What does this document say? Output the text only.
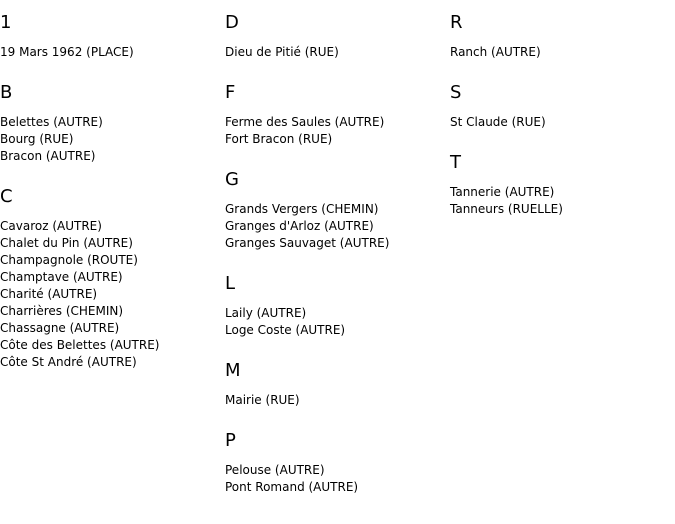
1
19 Mars 1962 (PLACE)
B
Belettes (AUTRE)
Bourg (RUE)
Bracon (AUTRE)
C
Cavaroz (AUTRE)
Chalet du Pin (AUTRE)
Champagnole (ROUTE)
Champtave (AUTRE)
Charité (AUTRE)
Charrières (CHEMIN)
Chassagne (AUTRE)
Côte des Belettes (AUTRE)
Côte St André (AUTRE)
D
Dieu de Pitié (RUE)
F
Ferme des Saules (AUTRE)
Fort Bracon (RUE)
G
Grands Vergers (CHEMIN)
Granges d'Arloz (AUTRE)
Granges Sauvaget (AUTRE)
L
Laily (AUTRE)
Loge Coste (AUTRE)
M
Mairie (RUE)
P
Pelouse (AUTRE)
Pont Romand (AUTRE)
R
Ranch (AUTRE)
S
St Claude (RUE)
T
Tannerie (AUTRE)
Tanneurs (RUELLE)
